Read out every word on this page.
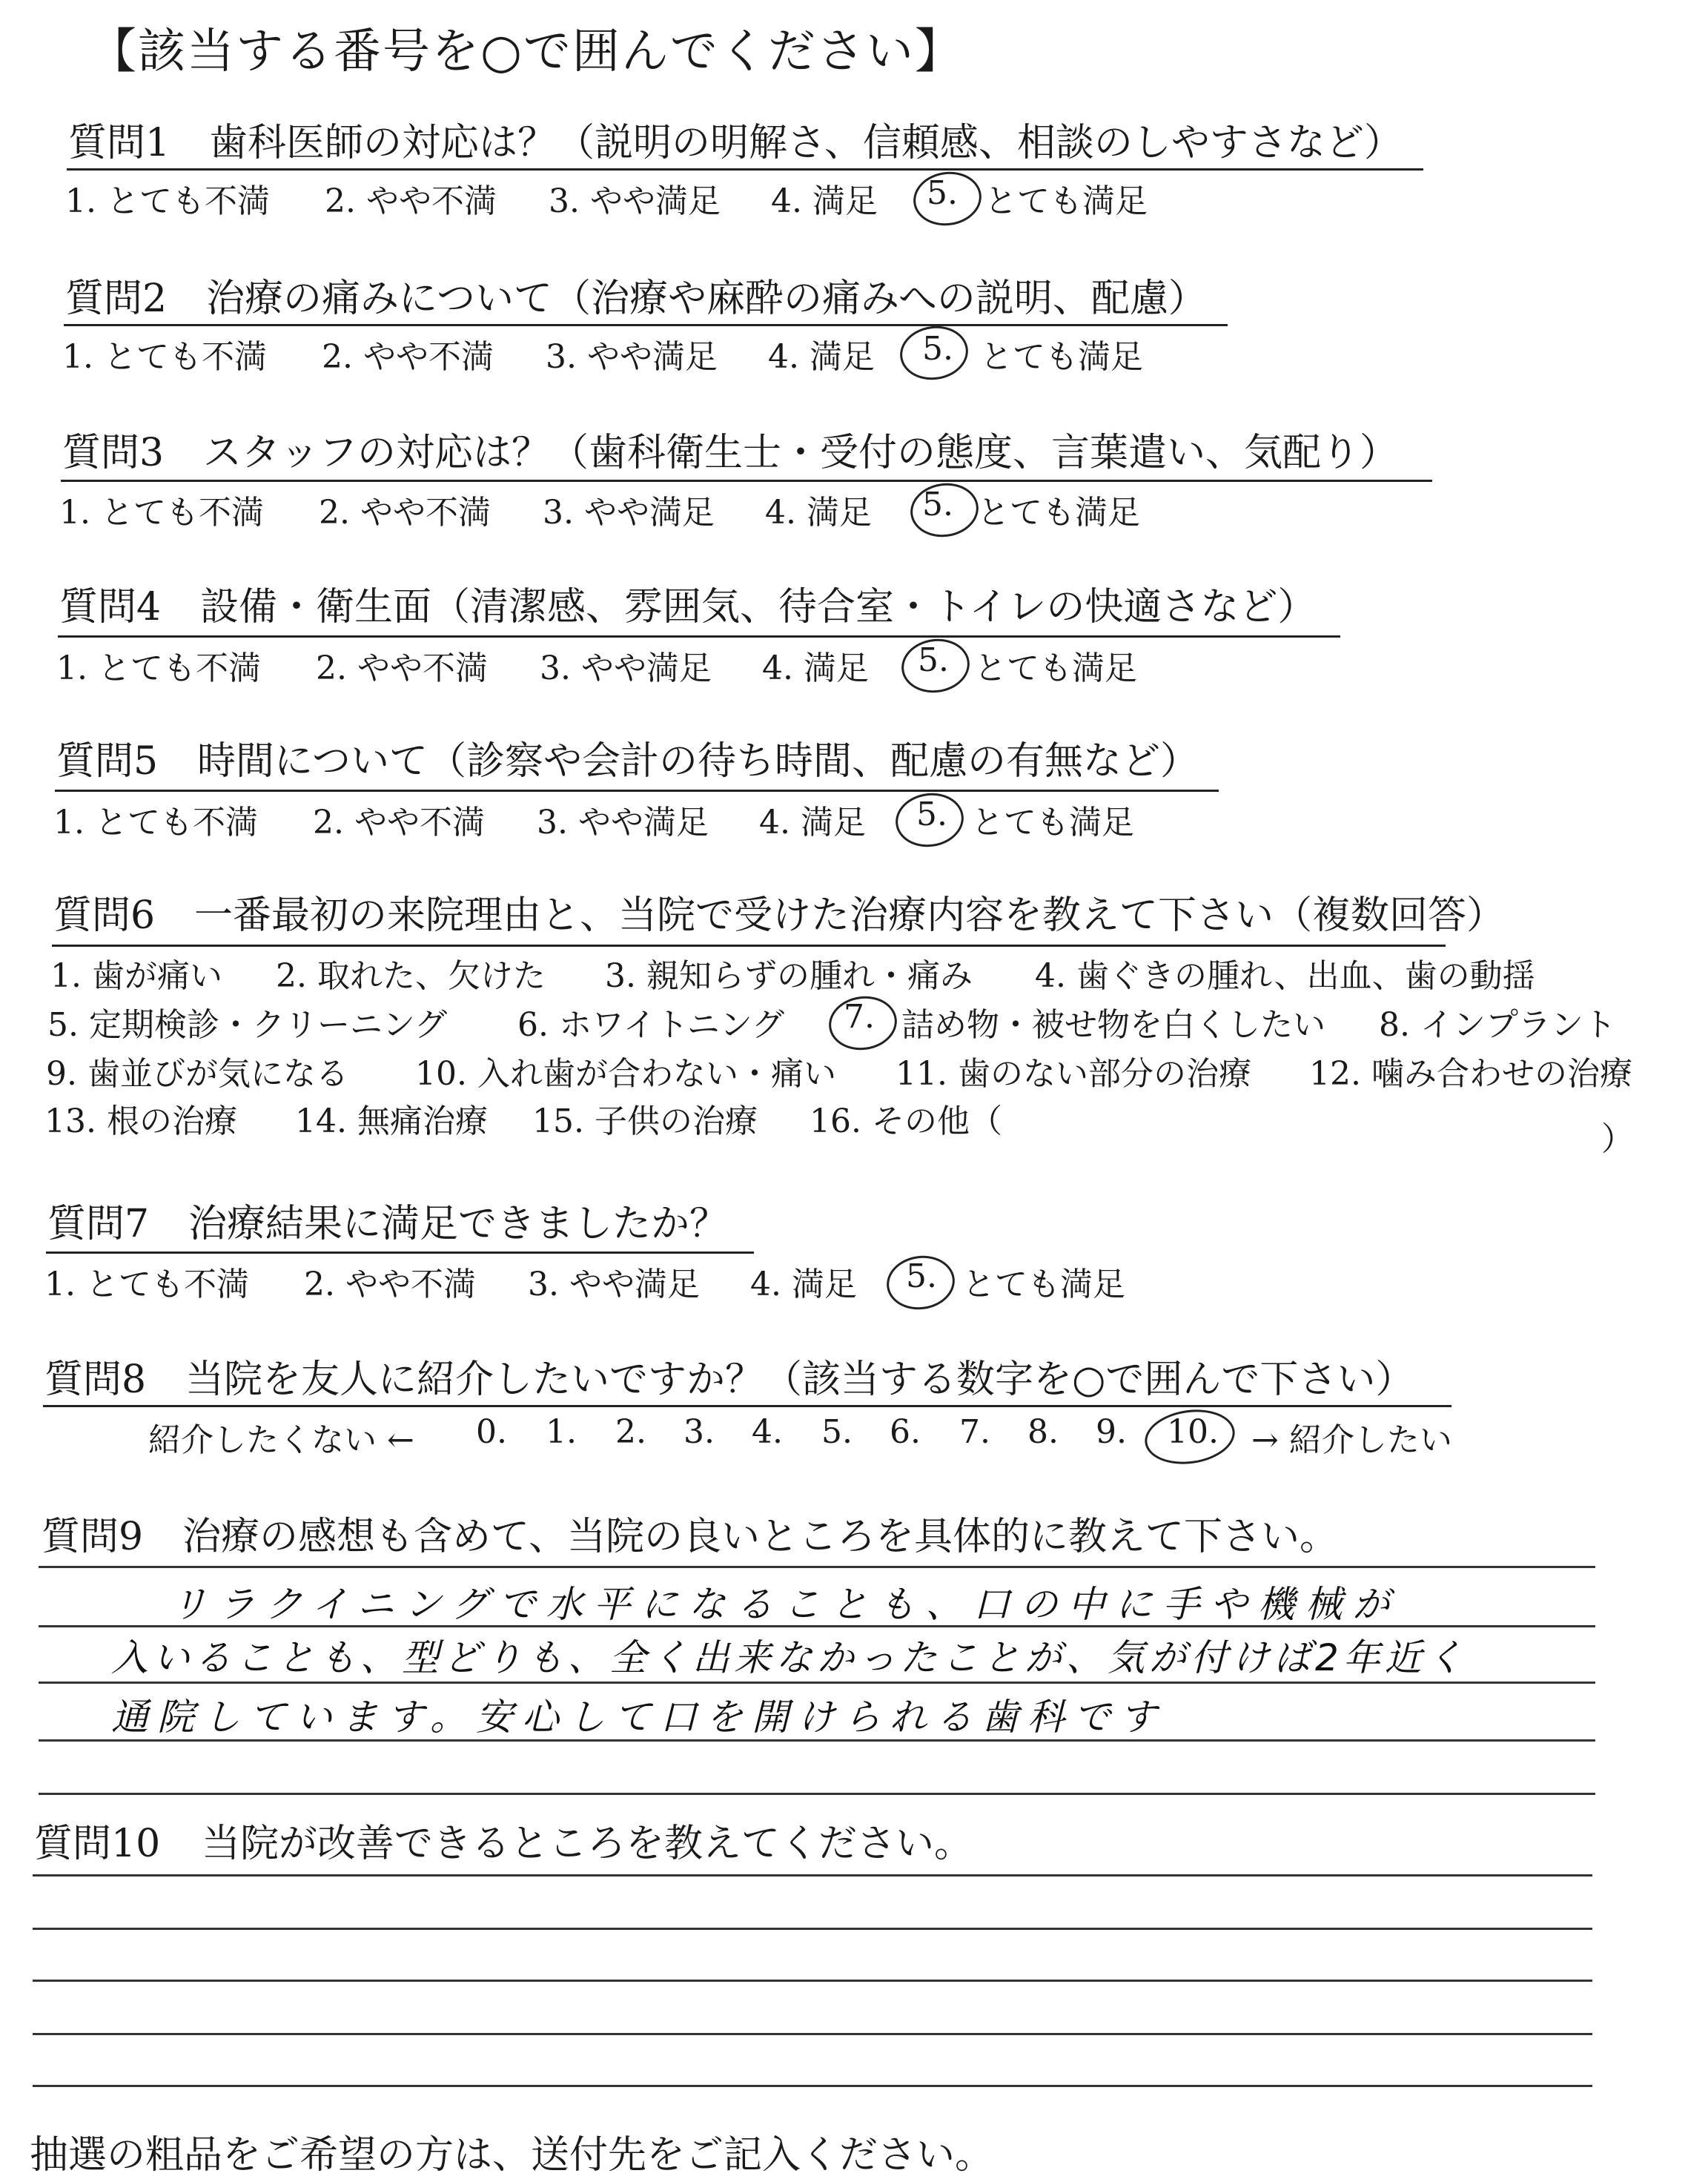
【該当する番号を○で囲んでください】
質問1 歯科医師の対応は？（説明の明解さ、信頼感、相談のしやすさなど）
1. とても不満 2. やや不満 3. やや満足 4. 満足 5. とても満足
質問2 治療の痛みについて（治療や麻酔の痛みへの説明、配慮）
1. とても不満 2. やや不満 3. やや満足 4. 満足 5. とても満足
質問3 スタッフの対応は？（歯科衛生士・受付の態度、言葉遣い、気配り）
1. とても不満 2. やや不満 3. やや満足 4. 満足 5. とても満足
質問4 設備・衛生面（清潔感、雰囲気、待合室・トイレの快適さなど）
1. とても不満 2. やや不満 3. やや満足 4. 満足 5. とても満足
質問5 時間について（診察や会計の待ち時間、配慮の有無など）
1. とても不満 2. やや不満 3. やや満足 4. 満足 5. とても満足
質問6 一番最初の来院理由と、当院で受けた治療内容を教えて下さい（複数回答）
1. 歯が痛い 2. 取れた、欠けた 3. 親知らずの腫れ・痛み 4. 歯ぐきの腫れ、出血、歯の動揺
5. 定期検診・クリーニング 6. ホワイトニング 7. 詰め物・被せ物を白くしたい 8. インプラント
9. 歯並びが気になる 10. 入れ歯が合わない・痛い 11. 歯のない部分の治療 12. 噛み合わせの治療
13. 根の治療 14. 無痛治療 15. 子供の治療 16. その他（	）
質問7 治療結果に満足できましたか？
1. とても不満 2. やや不満 3. やや満足 4. 満足 5. とても満足
質問8 当院を友人に紹介したいですか？（該当する数字を○で囲んで下さい）
紹介したくない ← 0. 1. 2. 3. 4. 5. 6. 7. 8. 9. 10. → 紹介したい
質問9 治療の感想も含めて、当院の良いところを具体的に教えて下さい。
リラクイニングで水平になることも、口の中に手や機械が
入いることも、型どりも、全く出来なかったことが、気が付けば2年近く
通院しています。安心して口を開けられる歯科です
質問10 当院が改善できるところを教えてください。
抽選の粗品をご希望の方は、送付先をご記入ください。
